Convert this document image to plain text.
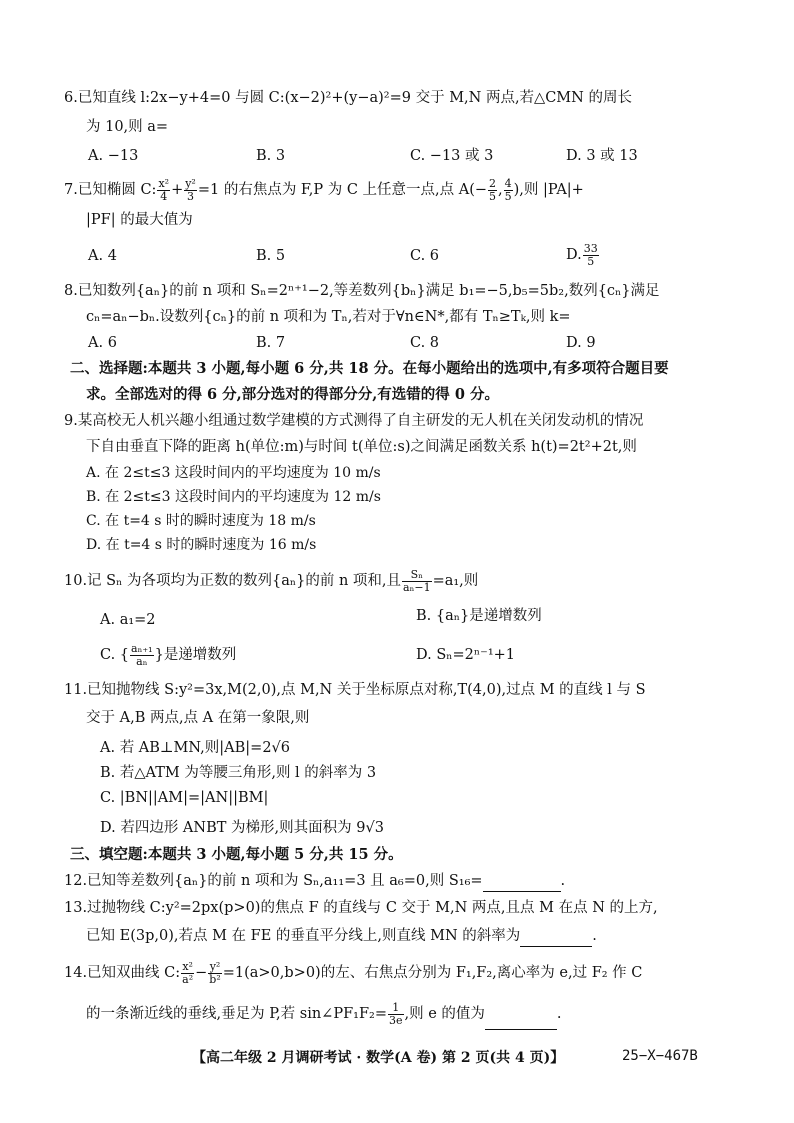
6.已知直线 l:2x−y+4=0 与圆 C:(x−2)²+(y−a)²=9 交于 M,N 两点,若△CMN 的周长
为 10,则 a=
A. −13	B. 3	C. −13 或 3	D. 3 或 13
7.已知椭圆 C: $\frac{\text{x²}}{4} + \frac{\text{y²}}{3} =1$ 的右焦点为 F,P 为 C 上任意一点,点 $A(- \frac{2}{5}$ , $\frac{4}{5}$ ),则 |PA|+
|PF| 的最大值为
A. 4	B. 5	C. 6	D. $\frac{33}{5}$
8.已知数列{aₙ}的前 n 项和 Sₙ=2ⁿ⁺¹−2,等差数列{bₙ}满足 b₁=−5,b₅=5b₂,数列{cₙ}满足
cₙ=aₙ−bₙ.设数列{cₙ}的前 n 项和为 Tₙ,若对于∀n∈N*,都有 Tₙ≥Tₖ,则 k=
A. 6	B. 7	C. 8	D. 9
二、选择题:本题共 3 小题,每小题 6 分,共 18 分。在每小题给出的选项中,有多项符合题目要
求。全部选对的得 6 分,部分选对的得部分分,有选错的得 0 分。
9.某高校无人机兴趣小组通过数学建模的方式测得了自主研发的无人机在关闭发动机的情况
下自由垂直下降的距离 h(单位:m)与时间 t(单位:s)之间满足函数关系 h(t)=2t²+2t,则
A. 在 2≤t≤3 这段时间内的平均速度为 10 m/s
B. 在 2≤t≤3 这段时间内的平均速度为 12 m/s
C. 在 t=4 s 时的瞬时速度为 18 m/s
D. 在 t=4 s 时的瞬时速度为 16 m/s
10.记 Sₙ 为各项均为正数的数列{aₙ}的前 n 项和,且 $\frac{\text{Sₙ}}{\text{aₙ−1}} =a_1$,则
A. a₁=2	B. {aₙ}是递增数列
C. { $\frac{\text{aₙ₊₁}}{\text{aₙ}}$ }是递增数列	D. Sₙ=2ⁿ⁻¹+1
11.已知抛物线 S:y²=3x,M(2,0),点 M,N 关于坐标原点对称,T(4,0),过点 M 的直线 l 与 S
交于 A,B 两点,点 A 在第一象限,则
A. 若 AB⊥MN,则|AB|=2√6
B. 若△ATM 为等腰三角形,则 l 的斜率为 3
C. |BN||AM|=|AN||BM|
D. 若四边形 ANBT 为梯形,则其面积为 9√3
三、填空题:本题共 3 小题,每小题 5 分,共 15 分。
12.已知等差数列{aₙ}的前 n 项和为 Sₙ,a₁₁=3 且 a₆=0,则 S₁₆=	.
13.过抛物线 C:y²=2px(p>0)的焦点 F 的直线与 C 交于 M,N 两点,且点 M 在点 N 的上方,
已知 E(3p,0),若点 M 在 FE 的垂直平分线上,则直线 MN 的斜率为	.
14.已知双曲线 C: $\frac{\text{x²}}{\text{a²}} - \frac{\text{y²}}{\text{b²}} =1(a>0,b>0)$的左、右焦点分别为 F₁,F₂,离心率为 e,过 F₂ 作 C
的一条渐近线的垂线,垂足为 P,若 sin∠PF₁F₂= $\frac{1}{3e}$ ,则 e 的值为	.
【高二年级 2 月调研考试 · 数学(A 卷) 第 2 页(共 4 页)】	25−X−467B
